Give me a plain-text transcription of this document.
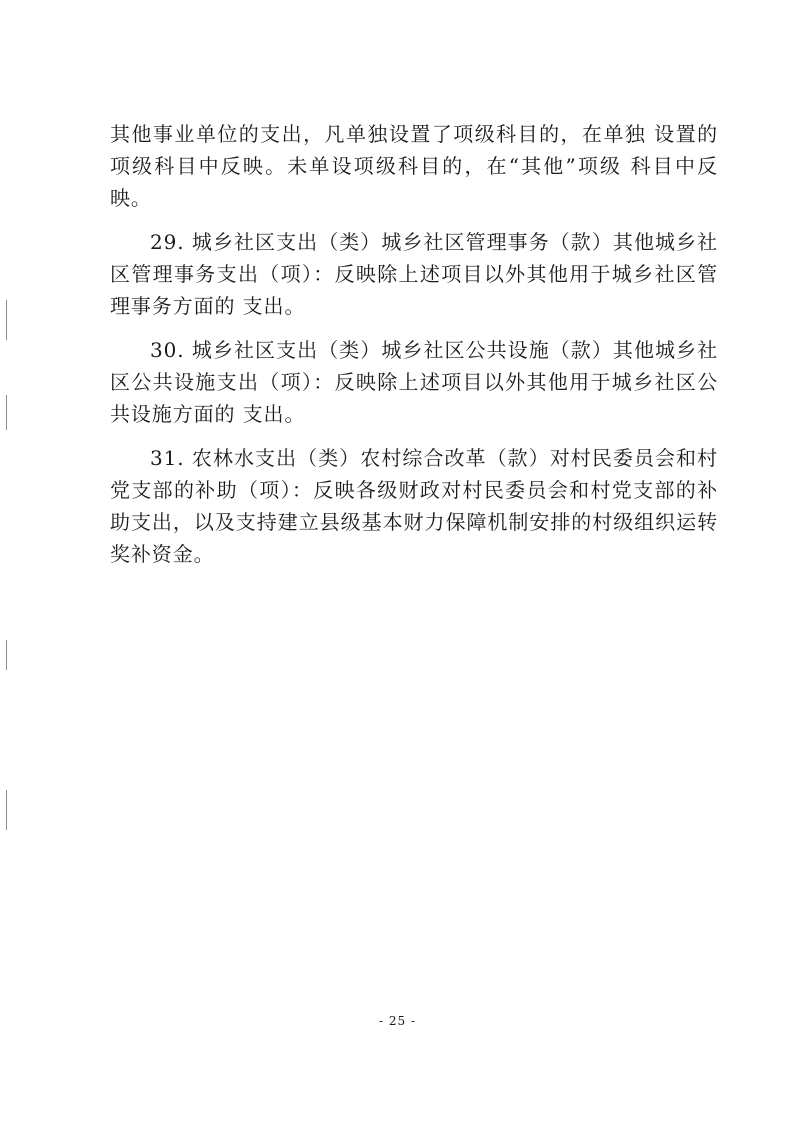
其他事业单位的支出，凡单独设置了项级科目的，在单独 设置的项级科目中反映。未单设项级科目的，在“其他”项级 科目中反映。

29. 城乡社区支出（类）城乡社区管理事务（款）其他城乡社区管理事务支出（项）：反映除上述项目以外其他用于城乡社区管理事务方面的 支出。

30. 城乡社区支出（类）城乡社区公共设施（款）其他城乡社区公共设施支出（项）：反映除上述项目以外其他用于城乡社区公共设施方面的 支出。

31. 农林水支出（类）农村综合改革（款）对村民委员会和村党支部的补助（项）：反映各级财政对村民委员会和村党支部的补助支出，以及支持建立县级基本财力保障机制安排的村级组织运转奖补资金。

- 25 -
